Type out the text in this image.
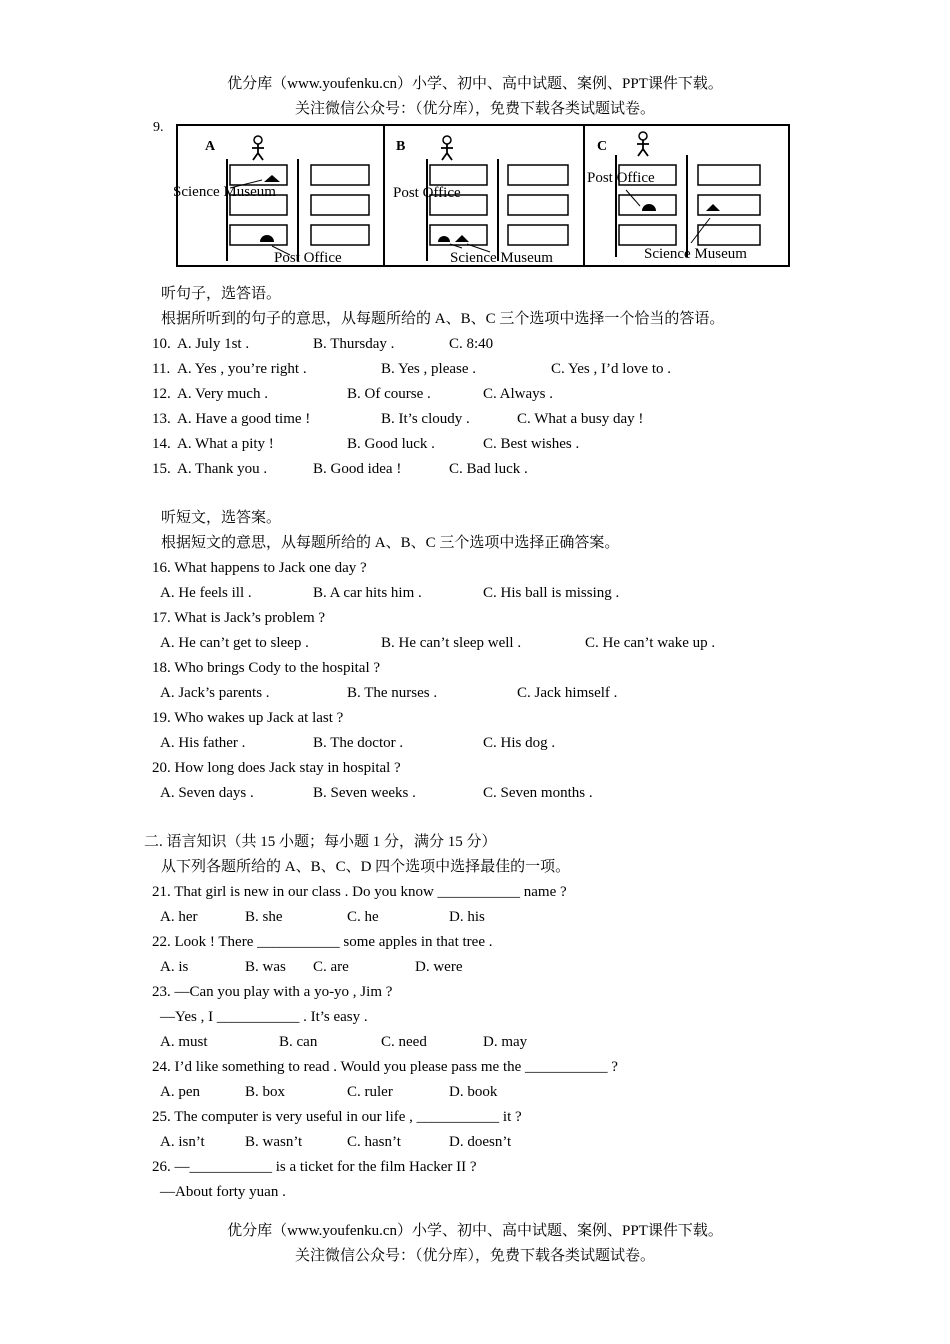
优分库（www.youfenku.cn）小学、初中、高中试题、案例、PPT课件下载。
关注微信公众号：（优分库），免费下载各类试题试卷。
9.
A
Science Museum
Post Office
B
Post Office
Science Museum
C
Post Office
Science Museum
听句子，选答语。
根据所听到的句子的意思，从每题所给的 A、B、C 三个选项中选择一个恰当的答语。
10. A. July 1st .	B. Thursday .	C. 8:40
11. A. Yes , you’re right .	B. Yes , please .	C. Yes , I’d love to .
12. A. Very much .	B. Of course .	C. Always .
13. A. Have a good time !	B. It’s cloudy .	C. What a busy day !
14. A. What a pity !	B. Good luck .	C. Best wishes .
15. A. Thank you .	B. Good idea !	C. Bad luck .
听短文，选答案。
根据短文的意思，从每题所给的 A、B、C 三个选项中选择正确答案。
16. What happens to Jack one day ?
A. He feels ill .	B. A car hits him .	C. His ball is missing .
17. What is Jack’s problem ?
A. He can’t get to sleep .	B. He can’t sleep well .	C. He can’t wake up .
18. Who brings Cody to the hospital ?
A. Jack’s parents .	B. The nurses .	C. Jack himself .
19. Who wakes up Jack at last ?
A. His father .	B. The doctor .	C. His dog .
20. How long does Jack stay in hospital ?
A. Seven days .	B. Seven weeks .	C. Seven months .
二. 语言知识（共 15 小题；每小题 1 分，满分 15 分）
从下列各题所给的 A、B、C、D 四个选项中选择最佳的一项。
21. That girl is new in our class . Do you know ___________ name ?
A. her	B. she	C. he	D. his
22. Look ! There ___________ some apples in that tree .
A. is	B. was C. are	D. were
23. —Can you play with a yo-yo , Jim ?
—Yes , I ___________ . It’s easy .
A. must	B. can	C. need	D. may
24. I’d like something to read . Would you please pass me the ___________ ?
A. pen	B. box	C. ruler	D. book
25. The computer is very useful in our life , ___________ it ?
A. isn’t	B. wasn’t	C. hasn’t	D. doesn’t
26. —___________ is a ticket for the film Hacker II ?
—About forty yuan .
优分库（www.youfenku.cn）小学、初中、高中试题、案例、PPT课件下载。
关注微信公众号：（优分库），免费下载各类试题试卷。
